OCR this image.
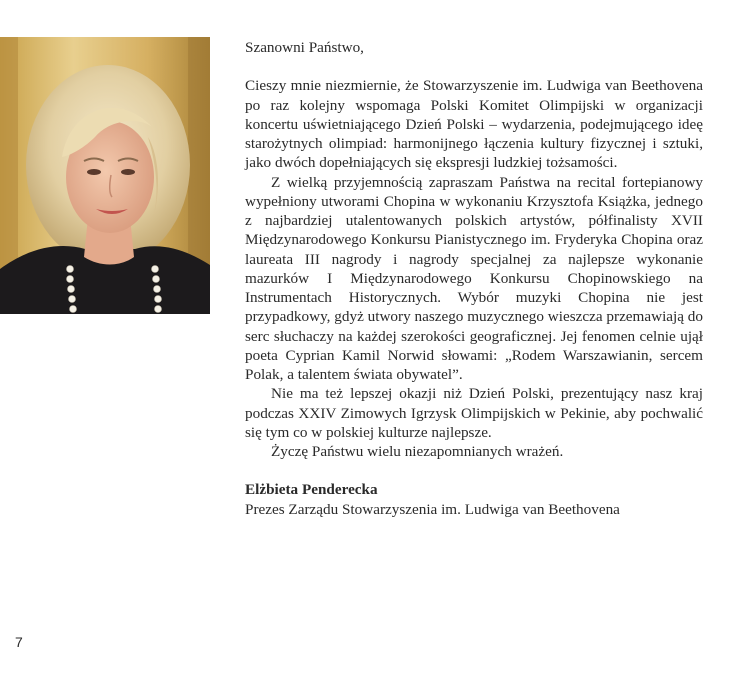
Szanowni Państwo,

Cieszy mnie niezmiernie, że Stowarzyszenie im. Ludwiga van Beethovena po raz kolejny wspomaga Polski Komitet Olimpijski w organizacji koncertu uświetniającego Dzień Polski – wydarzenia, podejmującego ideę starożytnych olimpiad: harmonijnego łączenia kultury fizycznej i sztuki, jako dwóch dopełniających się ekspresji ludzkiej tożsamości.

Z wielką przyjemnością zapraszam Państwa na recital fortepianowy wypełniony utworami Chopina w wykonaniu Krzysztofa Książka, jednego z najbardziej utalentowanych polskich artystów, półfinalisty XVII Międzynarodowego Konkursu Pianistycznego im. Fryderyka Chopina oraz laureata III nagrody i nagrody specjalnej za najlepsze wykonanie mazurków I Międzynarodowego Konkursu Chopinowskiego na Instrumentach Historycznych. Wybór muzyki Chopina nie jest przypadkowy, gdyż utwory naszego muzycznego wieszcza przemawiają do serc słuchaczy na każdej szerokości geograficznej. Jej fenomen celnie ujął poeta Cyprian Kamil Norwid słowami: „Rodem Warszawianin, sercem Polak, a talentem świata obywatel”.

Nie ma też lepszej okazji niż Dzień Polski, prezentujący nasz kraj podczas XXIV Zimowych Igrzysk Olimpijskich w Pekinie, aby pochwalić się tym co w polskiej kulturze najlepsze.

Życzę Państwu wielu niezapomnianych wrażeń.

Elżbieta Penderecka
Prezes Zarządu Stowarzyszenia im. Ludwiga van Beethovena
7
